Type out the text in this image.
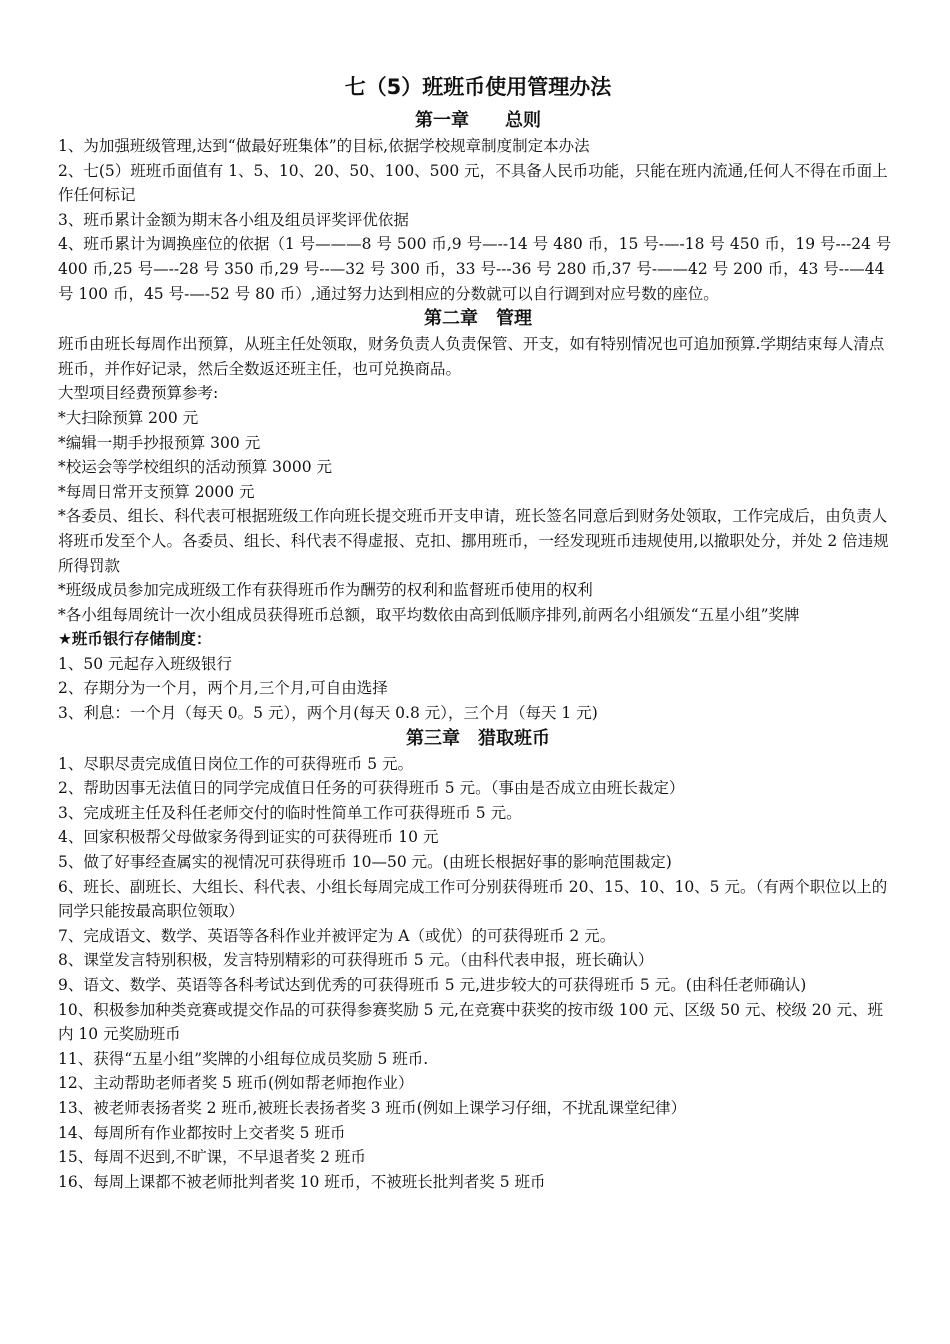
七（5）班班币使用管理办法
第一章　　总则
1、为加强班级管理,达到“做最好班集体”的目标,依据学校规章制度制定本办法
2、七(5）班班币面值有 1、5、10、20、50、100、500 元，不具备人民币功能，只能在班内流通,任何人不得在币面上作任何标记
3、班币累计金额为期末各小组及组员评奖评优依据
4、班币累计为调换座位的依据（1 号———8 号 500 币,9 号—--14 号 480 币，15 号-—-18 号 450 币，19 号---24 号 400 币,25 号—--28 号 350 币,29 号--—32 号 300 币，33 号---36 号 280 币,37 号-——42 号 200 币，43 号--—44 号 100 币，45 号-—-52 号 80 币）,通过努力达到相应的分数就可以自行调到对应号数的座位。
第二章　管理
班币由班长每周作出预算，从班主任处领取，财务负责人负责保管、开支，如有特别情况也可追加预算.学期结束每人清点班币，并作好记录，然后全数返还班主任，也可兑换商品。
大型项目经费预算参考:
*大扫除预算 200 元
*编辑一期手抄报预算 300 元
*校运会等学校组织的活动预算 3000 元
*每周日常开支预算 2000 元
*各委员、组长、科代表可根据班级工作向班长提交班币开支申请，班长签名同意后到财务处领取，工作完成后，由负责人将班币发至个人。各委员、组长、科代表不得虚报、克扣、挪用班币，一经发现班币违规使用,以撤职处分，并处 2 倍违规所得罚款
*班级成员参加完成班级工作有获得班币作为酬劳的权利和监督班币使用的权利
*各小组每周统计一次小组成员获得班币总额，取平均数依由高到低顺序排列,前两名小组颁发“五星小组”奖牌
★班币银行存储制度：
1、50 元起存入班级银行
2、存期分为一个月，两个月,三个月,可自由选择
3、利息：一个月（每天 0。5 元），两个月(每天 0.8 元），三个月（每天 1 元)
第三章　猎取班币
1、尽职尽责完成值日岗位工作的可获得班币 5 元。
2、帮助因事无法值日的同学完成值日任务的可获得班币 5 元。（事由是否成立由班长裁定）
3、完成班主任及科任老师交付的临时性简单工作可获得班币 5 元。
4、回家积极帮父母做家务得到证实的可获得班币 10 元
5、做了好事经查属实的视情况可获得班币 10—50 元。(由班长根据好事的影响范围裁定)
6、班长、副班长、大组长、科代表、小组长每周完成工作可分别获得班币 20、15、10、10、5 元。（有两个职位以上的同学只能按最高职位领取）
7、完成语文、数学、英语等各科作业并被评定为 A（或优）的可获得班币 2 元。
8、课堂发言特别积极，发言特别精彩的可获得班币 5 元。（由科代表申报，班长确认）
9、语文、数学、英语等各科考试达到优秀的可获得班币 5 元,进步较大的可获得班币 5 元。(由科任老师确认)
10、积极参加种类竞赛或提交作品的可获得参赛奖励 5 元,在竞赛中获奖的按市级 100 元、区级 50 元、校级 20 元、班内 10 元奖励班币
11、获得“五星小组”奖牌的小组每位成员奖励 5 班币.
12、主动帮助老师者奖 5 班币(例如帮老师抱作业）
13、被老师表扬者奖 2 班币,被班长表扬者奖 3 班币(例如上课学习仔细，不扰乱课堂纪律）
14、每周所有作业都按时上交者奖 5 班币
15、每周不迟到,不旷课，不早退者奖 2 班币
16、每周上课都不被老师批判者奖 10 班币，不被班长批判者奖 5 班币
